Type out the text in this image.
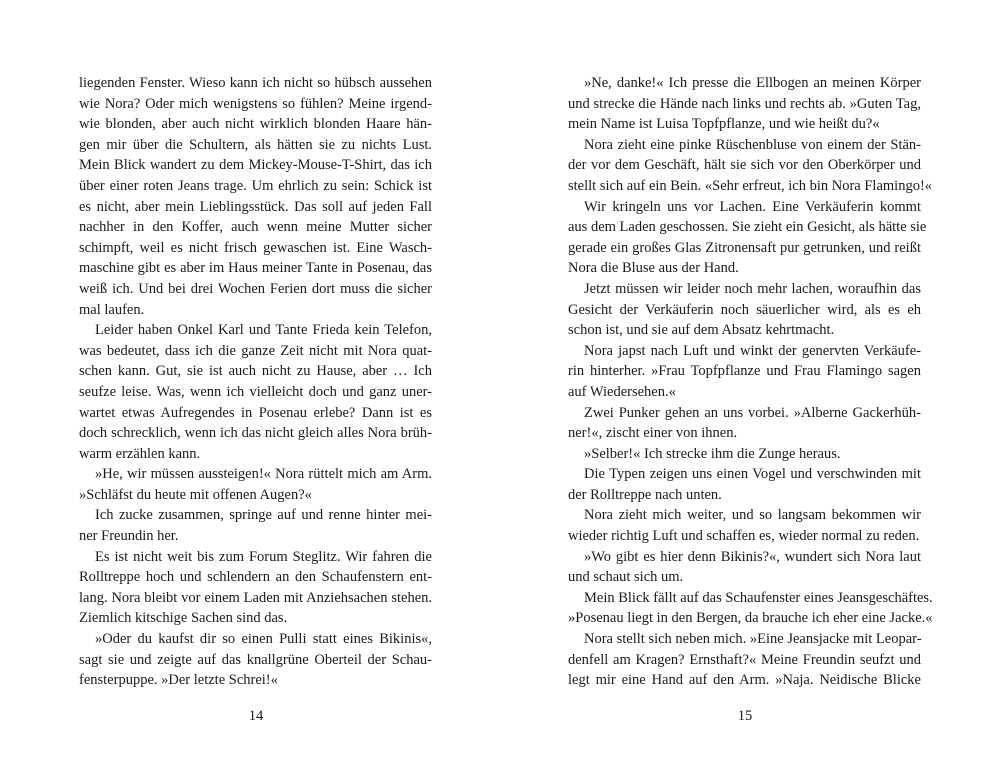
liegenden Fenster. Wieso kann ich nicht so hübsch aussehen
wie Nora? Oder mich wenigstens so fühlen? Meine irgend-
wie blonden, aber auch nicht wirklich blonden Haare hän-
gen mir über die Schultern, als hätten sie zu nichts Lust.
Mein Blick wandert zu dem Mickey-Mouse-T-Shirt, das ich
über einer roten Jeans trage. Um ehrlich zu sein: Schick ist
es nicht, aber mein Lieblingsstück. Das soll auf jeden Fall
nachher in den Koffer, auch wenn meine Mutter sicher
schimpft, weil es nicht frisch gewaschen ist. Eine Wasch-
maschine gibt es aber im Haus meiner Tante in Posenau, das
weiß ich. Und bei drei Wochen Ferien dort muss die sicher
mal laufen.
Leider haben Onkel Karl und Tante Frieda kein Telefon,
was bedeutet, dass ich die ganze Zeit nicht mit Nora quat-
schen kann. Gut, sie ist auch nicht zu Hause, aber … Ich
seufze leise. Was, wenn ich vielleicht doch und ganz uner-
wartet etwas Aufregendes in Posenau erlebe? Dann ist es
doch schrecklich, wenn ich das nicht gleich alles Nora brüh-
warm erzählen kann.
»He, wir müssen aussteigen!« Nora rüttelt mich am Arm.
»Schläfst du heute mit offenen Augen?«
Ich zucke zusammen, springe auf und renne hinter mei-
ner Freundin her.
Es ist nicht weit bis zum Forum Steglitz. Wir fahren die
Rolltreppe hoch und schlendern an den Schaufenstern ent-
lang. Nora bleibt vor einem Laden mit Anziehsachen stehen.
Ziemlich kitschige Sachen sind das.
»Oder du kaufst dir so einen Pulli statt eines Bikinis«,
sagt sie und zeigte auf das knallgrüne Oberteil der Schau-
fensterpuppe. »Der letzte Schrei!«
14
»Ne, danke!« Ich presse die Ellbogen an meinen Körper
und strecke die Hände nach links und rechts ab. »Guten Tag,
mein Name ist Luisa Topfpflanze, und wie heißt du?«
Nora zieht eine pinke Rüschenbluse von einem der Stän-
der vor dem Geschäft, hält sie sich vor den Oberkörper und
stellt sich auf ein Bein. «Sehr erfreut, ich bin Nora Flamingo!«
Wir kringeln uns vor Lachen. Eine Verkäuferin kommt
aus dem Laden geschossen. Sie zieht ein Gesicht, als hätte sie
gerade ein großes Glas Zitronensaft pur getrunken, und reißt
Nora die Bluse aus der Hand.
Jetzt müssen wir leider noch mehr lachen, woraufhin das
Gesicht der Verkäuferin noch säuerlicher wird, als es eh
schon ist, und sie auf dem Absatz kehrtmacht.
Nora japst nach Luft und winkt der genervten Verkäufe-
rin hinterher. »Frau Topfpflanze und Frau Flamingo sagen
auf Wiedersehen.«
Zwei Punker gehen an uns vorbei. »Alberne Gackerhüh-
ner!«, zischt einer von ihnen.
»Selber!« Ich strecke ihm die Zunge heraus.
Die Typen zeigen uns einen Vogel und verschwinden mit
der Rolltreppe nach unten.
Nora zieht mich weiter, und so langsam bekommen wir
wieder richtig Luft und schaffen es, wieder normal zu reden.
»Wo gibt es hier denn Bikinis?«, wundert sich Nora laut
und schaut sich um.
Mein Blick fällt auf das Schaufenster eines Jeansgeschäftes.
»Posenau liegt in den Bergen, da brauche ich eher eine Jacke.«
Nora stellt sich neben mich. »Eine Jeansjacke mit Leopar-
denfell am Kragen? Ernsthaft?« Meine Freundin seufzt und
legt mir eine Hand auf den Arm. »Naja. Neidische Blicke
15
